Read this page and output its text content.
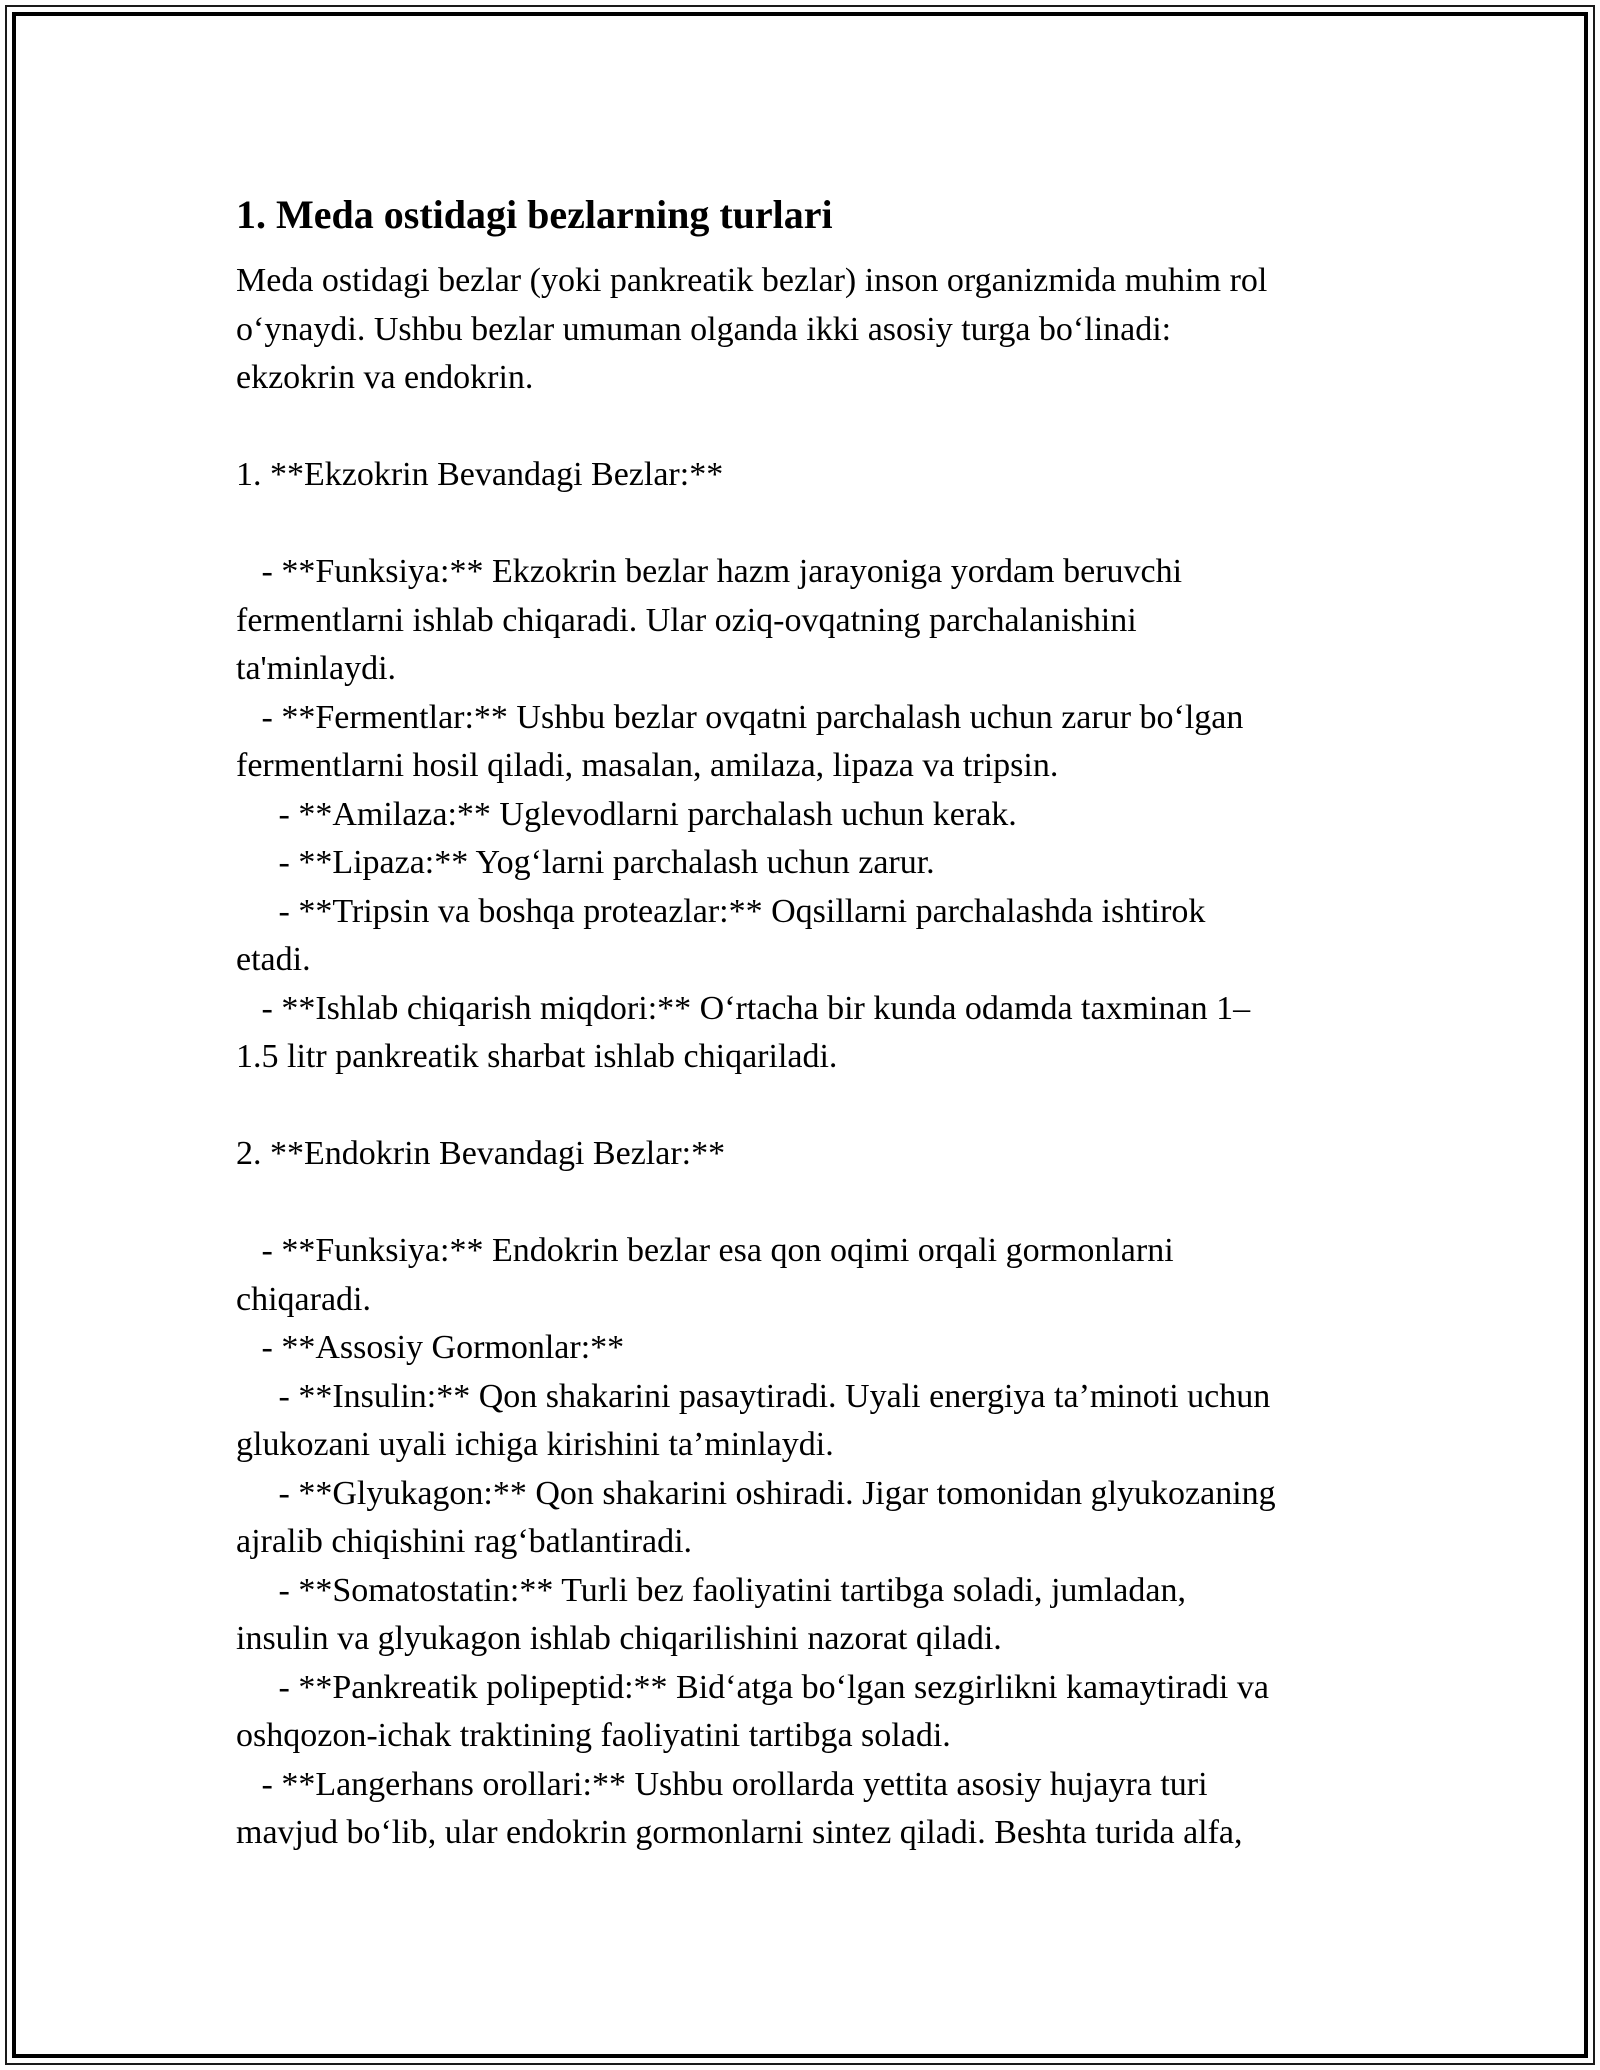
1. Meda ostidagi bezlarning turlari

Meda ostidagi bezlar (yoki pankreatik bezlar) inson organizmida muhim rol
o‘ynaydi. Ushbu bezlar umuman olganda ikki asosiy turga bo‘linadi:
ekzokrin va endokrin.

1. **Ekzokrin Bevandagi Bezlar:**

- **Funksiya:** Ekzokrin bezlar hazm jarayoniga yordam beruvchi
fermentlarni ishlab chiqaradi. Ular oziq-ovqatning parchalanishini
ta'minlaydi.
- **Fermentlar:** Ushbu bezlar ovqatni parchalash uchun zarur bo‘lgan
fermentlarni hosil qiladi, masalan, amilaza, lipaza va tripsin.
- **Amilaza:** Uglevodlarni parchalash uchun kerak.
- **Lipaza:** Yog‘larni parchalash uchun zarur.
- **Tripsin va boshqa proteazlar:** Oqsillarni parchalashda ishtirok
etadi.
- **Ishlab chiqarish miqdori:** O‘rtacha bir kunda odamda taxminan 1–
1.5 litr pankreatik sharbat ishlab chiqariladi.

2. **Endokrin Bevandagi Bezlar:**

- **Funksiya:** Endokrin bezlar esa qon oqimi orqali gormonlarni
chiqaradi.
- **Assosiy Gormonlar:**
- **Insulin:** Qon shakarini pasaytiradi. Uyali energiya ta’minoti uchun
glukozani uyali ichiga kirishini ta’minlaydi.
- **Glyukagon:** Qon shakarini oshiradi. Jigar tomonidan glyukozaning
ajralib chiqishini rag‘batlantiradi.
- **Somatostatin:** Turli bez faoliyatini tartibga soladi, jumladan,
insulin va glyukagon ishlab chiqarilishini nazorat qiladi.
- **Pankreatik polipeptid:** Bid‘atga bo‘lgan sezgirlikni kamaytiradi va
oshqozon-ichak traktining faoliyatini tartibga soladi.
- **Langerhans orollari:** Ushbu orollarda yettita asosiy hujayra turi
mavjud bo‘lib, ular endokrin gormonlarni sintez qiladi. Beshta turida alfa,
